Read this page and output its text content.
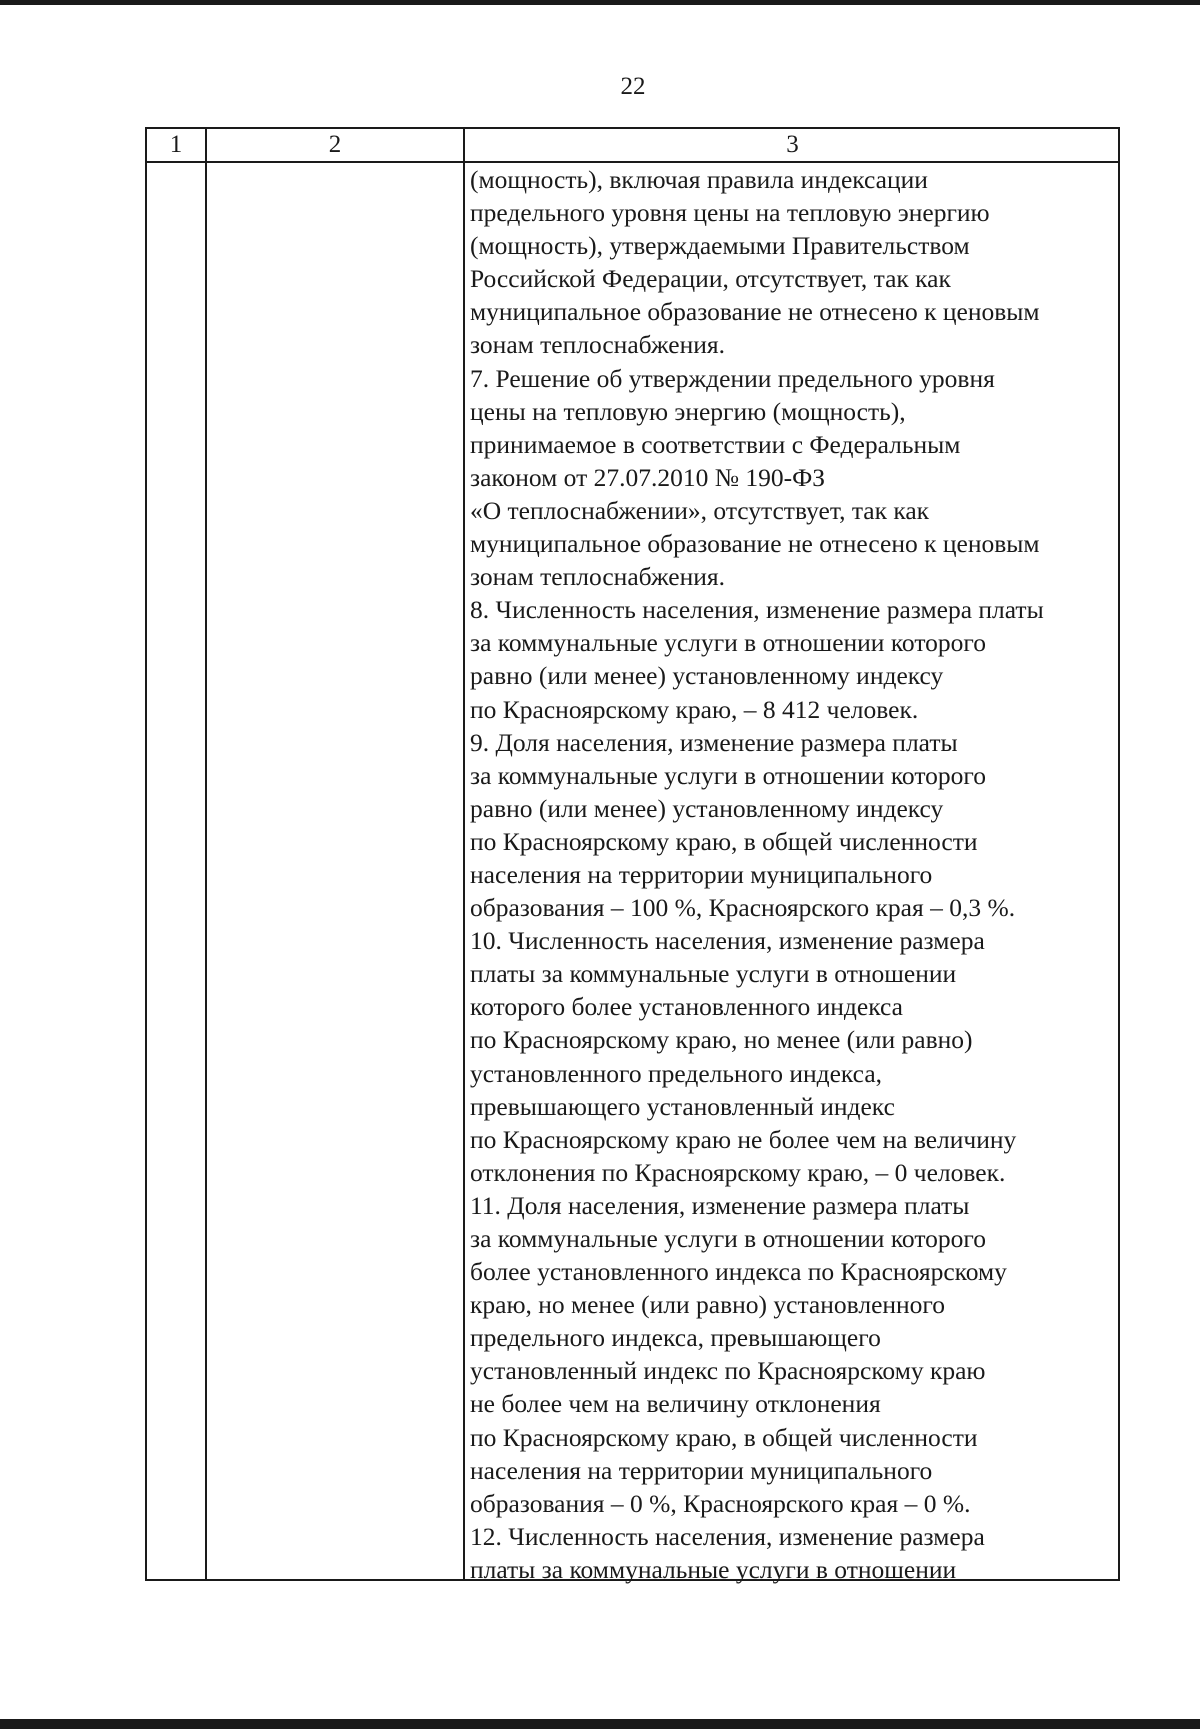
22
1	2	3
(мощность), включая правила индексации
предельного уровня цены на тепловую энергию
(мощность), утверждаемыми Правительством
Российской Федерации, отсутствует, так как
муниципальное образование не отнесено к ценовым
зонам теплоснабжения.
7. Решение об утверждении предельного уровня
цены на тепловую энергию (мощность),
принимаемое в соответствии с Федеральным
законом от 27.07.2010 № 190-ФЗ
«О теплоснабжении», отсутствует, так как
муниципальное образование не отнесено к ценовым
зонам теплоснабжения.
8. Численность населения, изменение размера платы
за коммунальные услуги в отношении которого
равно (или менее) установленному индексу
по Красноярскому краю, – 8 412 человек.
9. Доля населения, изменение размера платы
за коммунальные услуги в отношении которого
равно (или менее) установленному индексу
по Красноярскому краю, в общей численности
населения на территории муниципального
образования – 100 %, Красноярского края – 0,3 %.
10. Численность населения, изменение размера
платы за коммунальные услуги в отношении
которого более установленного индекса
по Красноярскому краю, но менее (или равно)
установленного предельного индекса,
превышающего установленный индекс
по Красноярскому краю не более чем на величину
отклонения по Красноярскому краю, – 0 человек.
11. Доля населения, изменение размера платы
за коммунальные услуги в отношении которого
более установленного индекса по Красноярскому
краю, но менее (или равно) установленного
предельного индекса, превышающего
установленный индекс по Красноярскому краю
не более чем на величину отклонения
по Красноярскому краю, в общей численности
населения на территории муниципального
образования – 0 %, Красноярского края – 0 %.
12. Численность населения, изменение размера
платы за коммунальные услуги в отношении
